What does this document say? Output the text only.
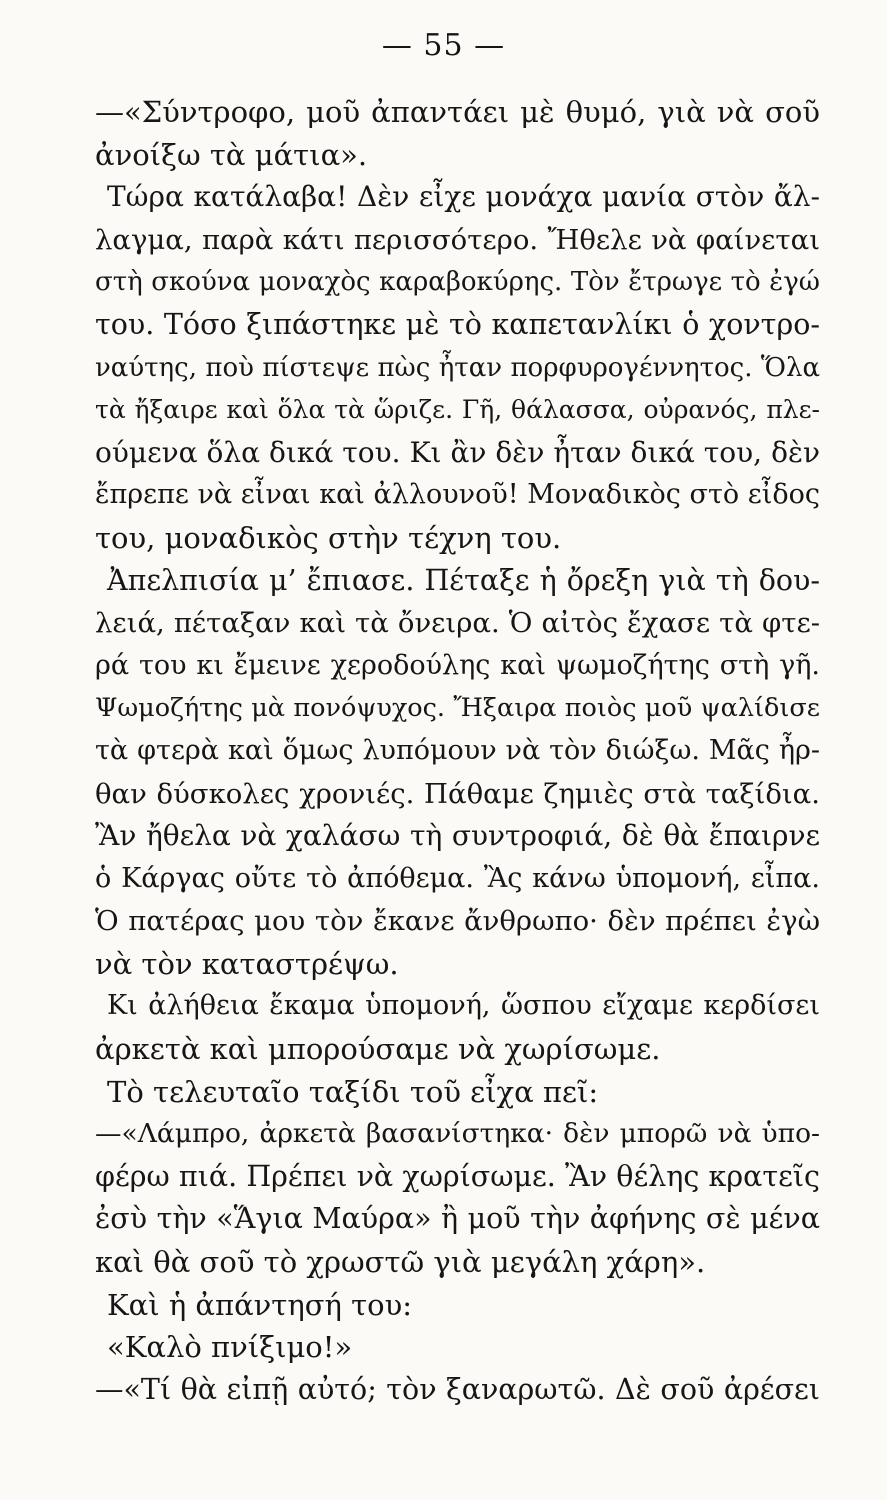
— 55 —
—«Σύντροφο, μοῦ ἀπαντάει μὲ θυμό, γιὰ νὰ σοῦ
ἀνοίξω τὰ μάτια».
Τώρα κατάλαβα! Δὲν εἶχε μονάχα μανία στὸν ἄλ-
λαγμα, παρὰ κάτι περισσότερο. Ἤθελε νὰ φαίνεται
στὴ σκούνα μοναχὸς καραβοκύρης. Τὸν ἔτρωγε τὸ ἐγώ
του. Τόσο ξιπάστηκε μὲ τὸ καπετανλίκι ὁ χοντρο-
ναύτης, ποὺ πίστεψε πὼς ἦταν πορφυρογέννητος. Ὅλα
τὰ ἤξαιρε καὶ ὅλα τὰ ὥριζε. Γῆ, θάλασσα, οὐρανός, πλε-
ούμενα ὅλα δικά του. Κι ἂν δὲν ἦταν δικά του, δὲν
ἔπρεπε νὰ εἶναι καὶ ἀλλουνοῦ! Μοναδικὸς στὸ εἶδος
του, μοναδικὸς στὴν τέχνη του.
Ἀπελπισία μ’ ἔπιασε. Πέταξε ἡ ὄρεξη γιὰ τὴ δου-
λειά, πέταξαν καὶ τὰ ὄνειρα. Ὁ αἰτὸς ἔχασε τὰ φτε-
ρά του κι ἔμεινε χεροδούλης καὶ ψωμοζήτης στὴ γῆ.
Ψωμοζήτης μὰ πονόψυχος. Ἤξαιρα ποιὸς μοῦ ψαλίδισε
τὰ φτερὰ καὶ ὅμως λυπόμουν νὰ τὸν διώξω. Μᾶς ἦρ-
θαν δύσκολες χρονιές. Πάθαμε ζημιὲς στὰ ταξίδια.
Ἂν ἤθελα νὰ χαλάσω τὴ συντροφιά, δὲ θὰ ἔπαιρνε
ὁ Κάργας οὔτε τὸ ἀπόθεμα. Ἂς κάνω ὑπομονή, εἶπα.
Ὁ πατέρας μου τὸν ἔκανε ἄνθρωπο· δὲν πρέπει ἐγὼ
νὰ τὸν καταστρέψω.
Κι ἀλήθεια ἔκαμα ὑπομονή, ὥσπου εἴχαμε κερδίσει
ἀρκετὰ καὶ μπορούσαμε νὰ χωρίσωμε.
Τὸ τελευταῖο ταξίδι τοῦ εἶχα πεῖ:
—«Λάμπρο, ἀρκετὰ βασανίστηκα· δὲν μπορῶ νὰ ὑπο-
φέρω πιά. Πρέπει νὰ χωρίσωμε. Ἂν θέλης κρατεῖς
ἐσὺ τὴν «Ἅγια Μαύρα» ἢ μοῦ τὴν ἀφήνης σὲ μένα
καὶ θὰ σοῦ τὸ χρωστῶ γιὰ μεγάλη χάρη».
Καὶ ἡ ἀπάντησή του:
«Καλὸ πνίξιμο!»
—«Τί θὰ εἰπῇ αὐτό; τὸν ξαναρωτῶ. Δὲ σοῦ ἀρέσει
